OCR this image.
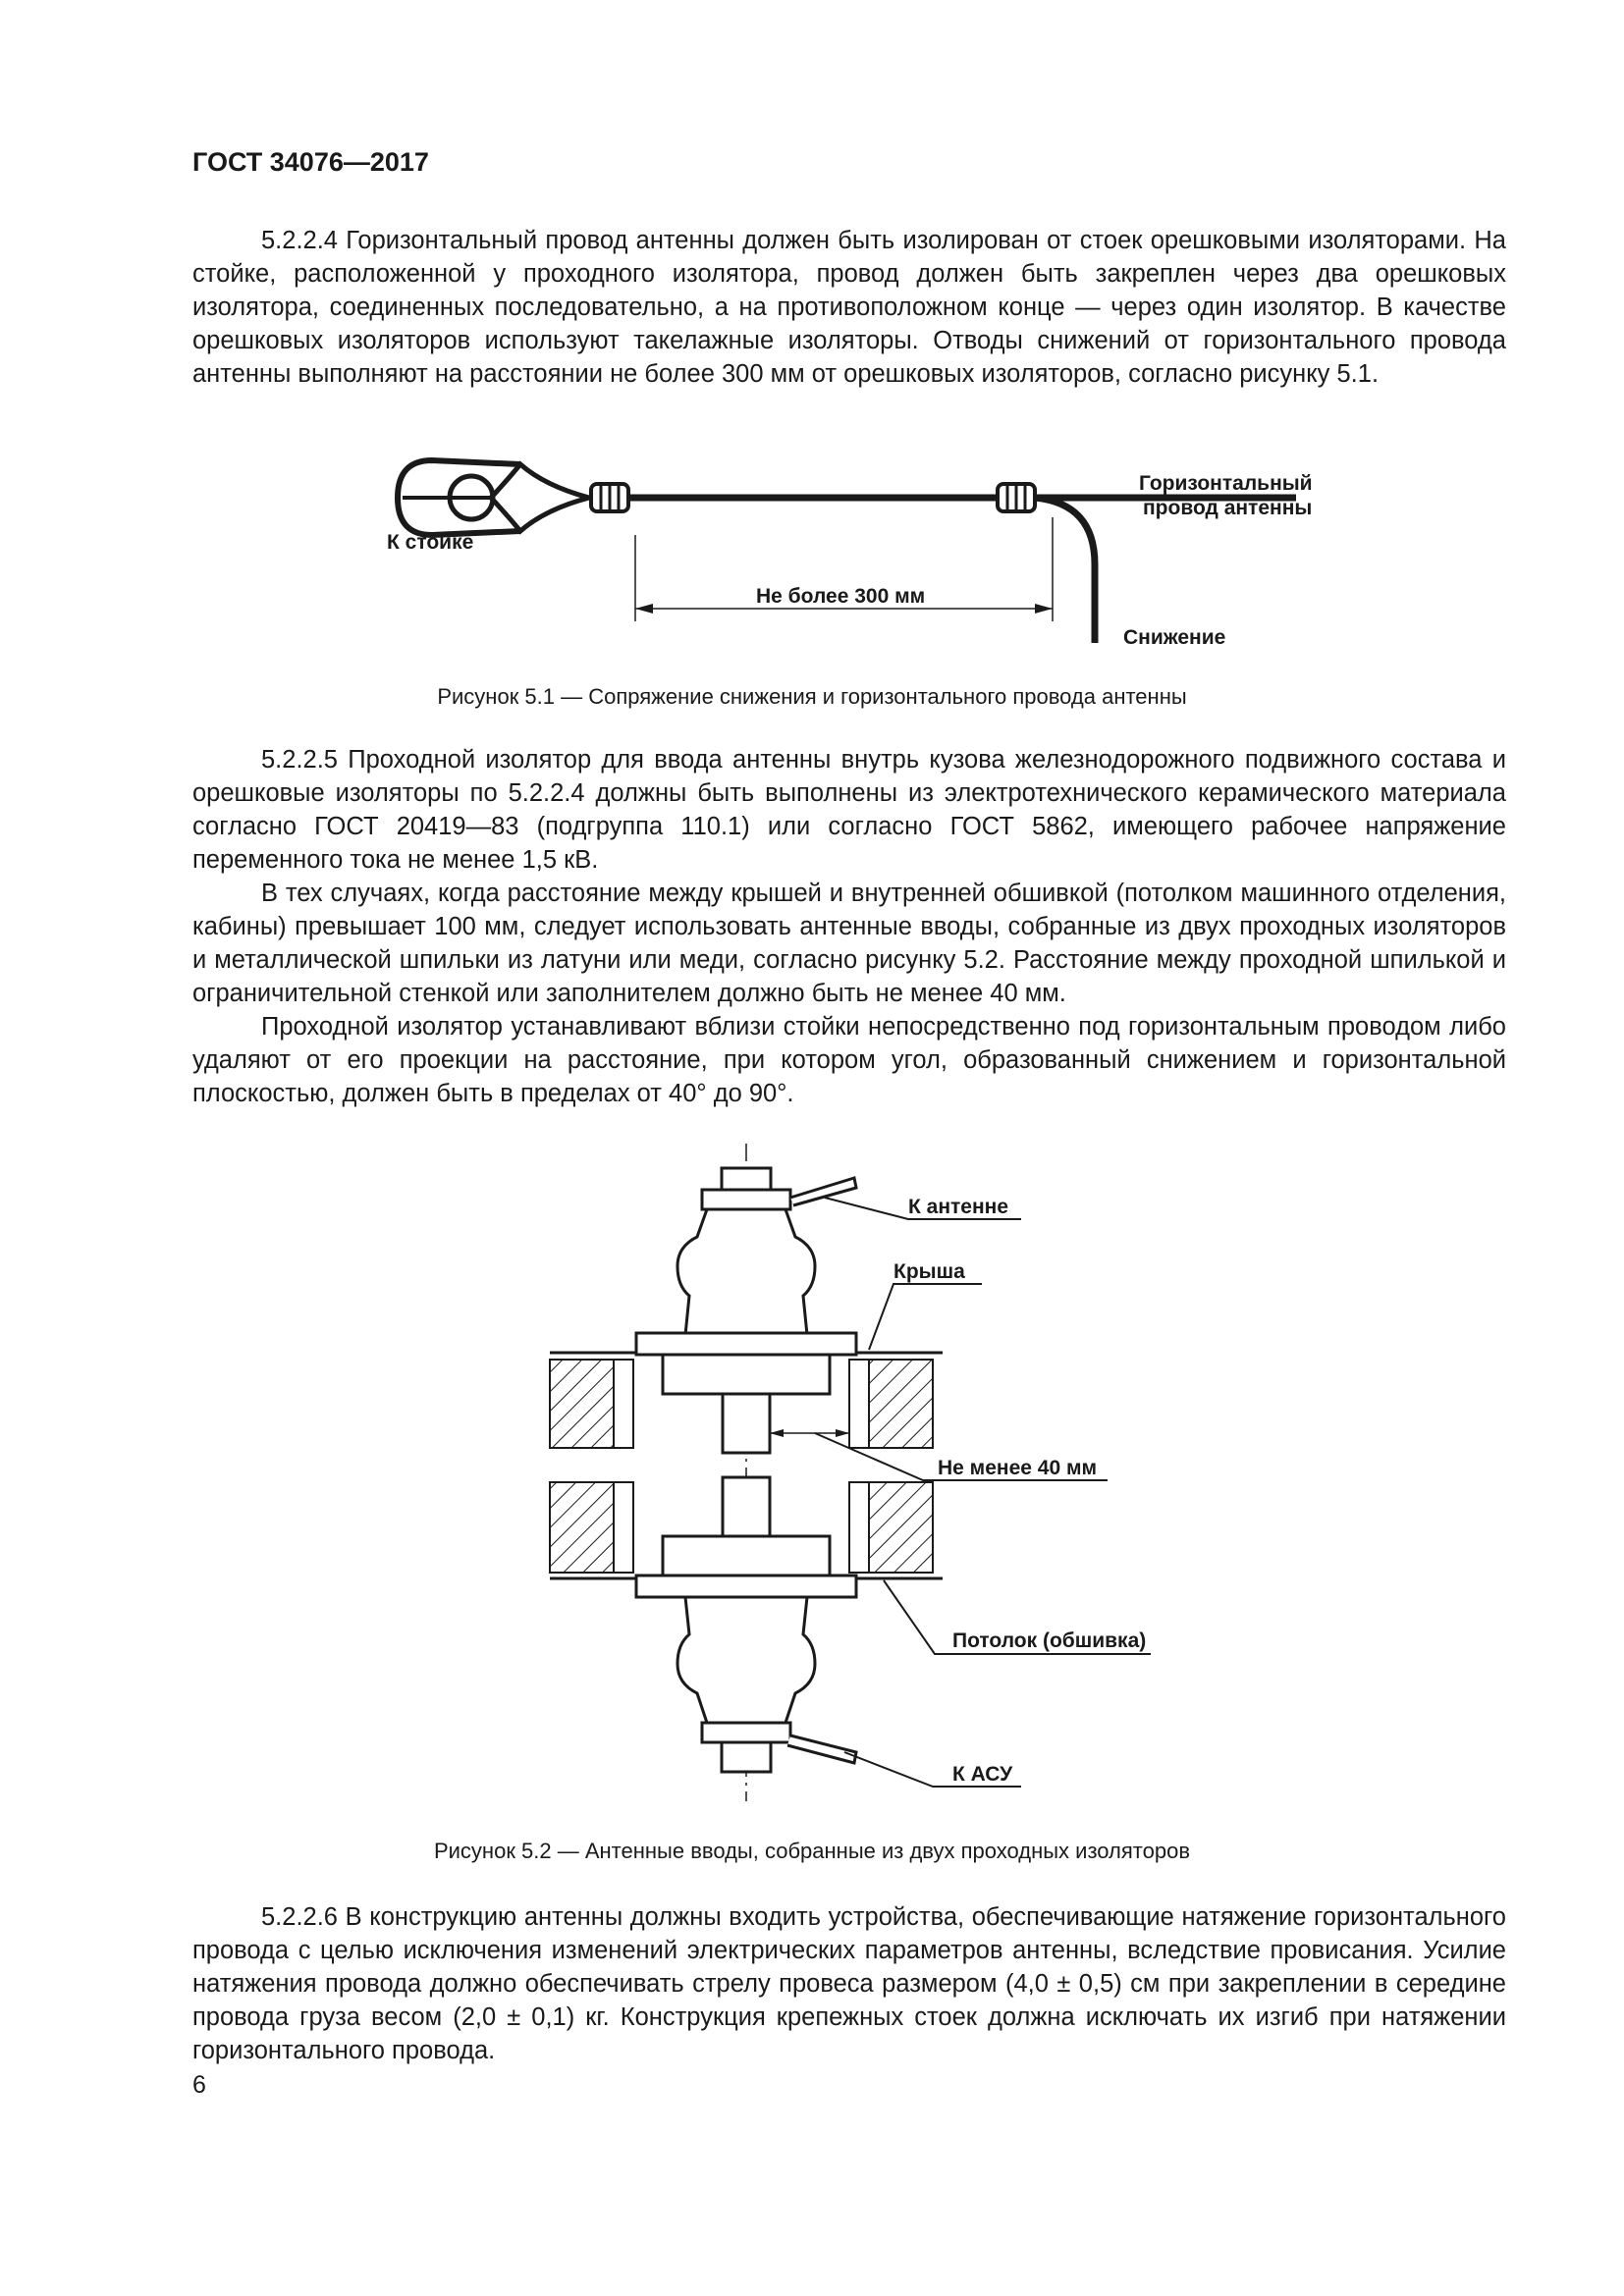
ГОСТ 34076—2017

5.2.2.4 Горизонтальный провод антенны должен быть изолирован от стоек орешковыми изоляторами. На стойке, расположенной у проходного изолятора, провод должен быть закреплен через два орешковых изолятора, соединенных последовательно, а на противоположном конце — через один изолятор. В качестве орешковых изоляторов используют такелажные изоляторы. Отводы снижений от горизонтального провода антенны выполняют на расстоянии не более 300 мм от орешковых изоляторов, согласно рисунку 5.1.

К стойке
Горизонтальный
провод антенны
Не более 300 мм
Снижение
Рисунок 5.1 — Сопряжение снижения и горизонтального провода антенны

5.2.2.5 Проходной изолятор для ввода антенны внутрь кузова железнодорожного подвижного состава и орешковые изоляторы по 5.2.2.4 должны быть выполнены из электротехнического керамического материала согласно ГОСТ 20419—83 (подгруппа 110.1) или согласно ГОСТ 5862, имеющего рабочее напряжение переменного тока не менее 1,5 кВ.

В тех случаях, когда расстояние между крышей и внутренней обшивкой (потолком машинного отделения, кабины) превышает 100 мм, следует использовать антенные вводы, собранные из двух проходных изоляторов и металлической шпильки из латуни или меди, согласно рисунку 5.2. Расстояние между проходной шпилькой и ограничительной стенкой или заполнителем должно быть не менее 40 мм.

Проходной изолятор устанавливают вблизи стойки непосредственно под горизонтальным проводом либо удаляют от его проекции на расстояние, при котором угол, образованный снижением и горизонтальной плоскостью, должен быть в пределах от 40° до 90°.

К антенне
Крыша
Не менее 40 мм
Потолок (обшивка)
К АСУ
Рисунок 5.2 — Антенные вводы, собранные из двух проходных изоляторов

5.2.2.6 В конструкцию антенны должны входить устройства, обеспечивающие натяжение горизонтального провода с целью исключения изменений электрических параметров антенны, вследствие провисания. Усилие натяжения провода должно обеспечивать стрелу провеса размером (4,0 ± 0,5) см при закреплении в середине провода груза весом (2,0 ± 0,1) кг. Конструкция крепежных стоек должна исключать их изгиб при натяжении горизонтального провода.

6
